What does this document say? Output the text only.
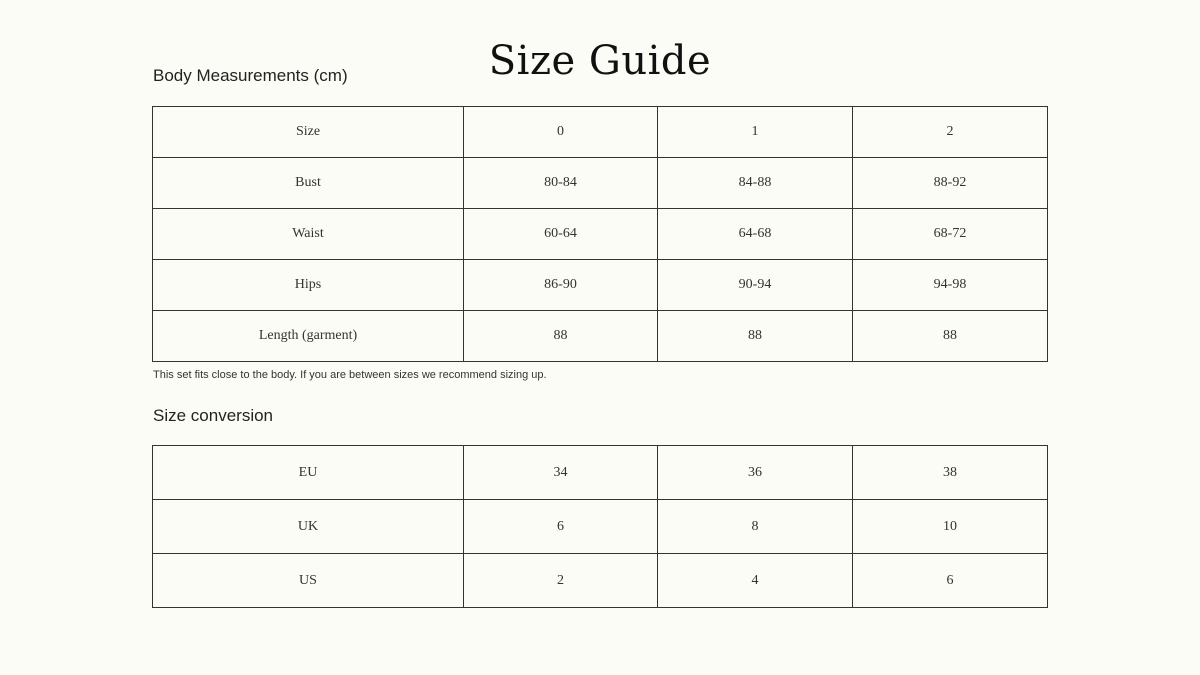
Size Guide
Body Measurements (cm)
Size	0	1	2
Bust	80-84	84-88	88-92
Waist	60-64	64-68	68-72
Hips	86-90	90-94	94-98
Length (garment)	88	88	88
This set fits close to the body. If you are between sizes we recommend sizing up.
Size conversion
EU	34	36	38
UK	6	8	10
US	2	4	6
